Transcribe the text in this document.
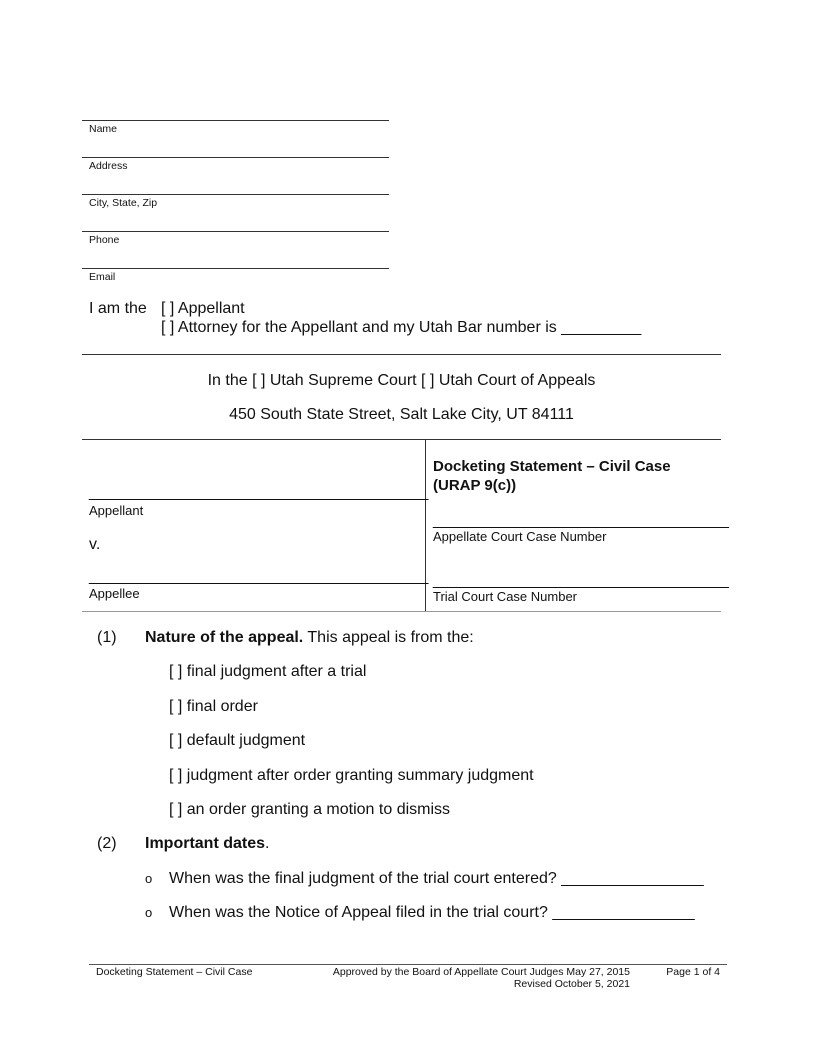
Name
Address
City, State, Zip
Phone
Email
I am the [ ] Appellant
[ ] Attorney for the Appellant and my Utah Bar number is _________
In the [ ] Utah Supreme Court [ ] Utah Court of Appeals
450 South State Street, Salt Lake City, UT 84111
_______________________________________
Appellant
v.
_______________________________________
Appellee
Docketing Statement – Civil Case
(URAP 9(c))
__________________________________
Appellate Court Case Number
__________________________________
Trial Court Case Number
(1) Nature of the appeal. This appeal is from the:
[ ] final judgment after a trial
[ ] final order
[ ] default judgment
[ ] judgment after order granting summary judgment
[ ] an order granting a motion to dismiss
(2) Important dates.
o When was the final judgment of the trial court entered? ________________
o When was the Notice of Appeal filed in the trial court? ________________
Docketing Statement – Civil Case	Approved by the Board of Appellate Court Judges May 27, 2015
Revised October 5, 2021
Page 1 of 4
